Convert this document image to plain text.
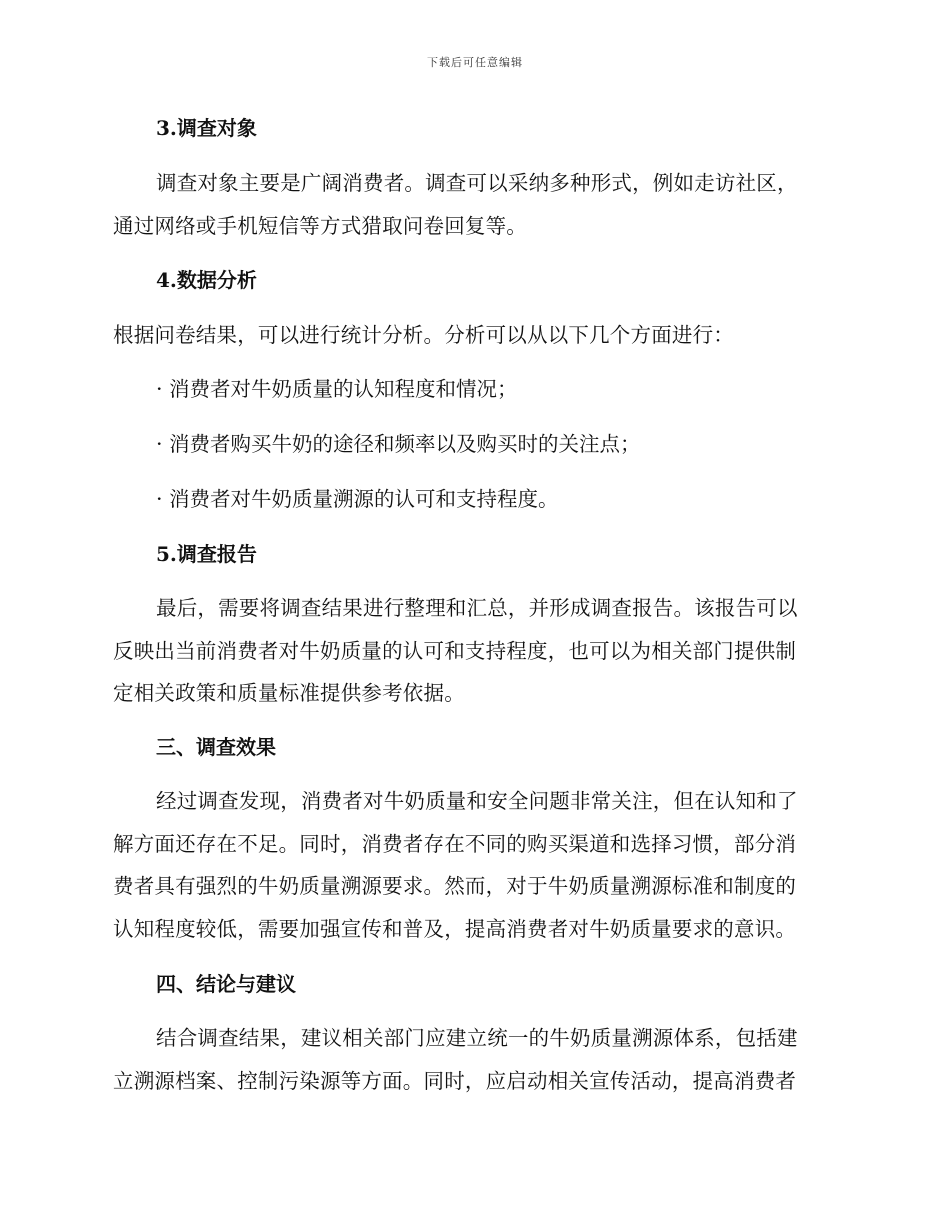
下载后可任意编辑
3.调查对象
调查对象主要是广阔消费者。调查可以采纳多种形式，例如走访社区，
通过网络或手机短信等方式猎取问卷回复等。
4.数据分析
根据问卷结果，可以进行统计分析。分析可以从以下几个方面进行：
· 消费者对牛奶质量的认知程度和情况；
· 消费者购买牛奶的途径和频率以及购买时的关注点；
· 消费者对牛奶质量溯源的认可和支持程度。
5.调查报告
最后，需要将调查结果进行整理和汇总，并形成调查报告。该报告可以
反映出当前消费者对牛奶质量的认可和支持程度，也可以为相关部门提供制
定相关政策和质量标准提供参考依据。
三、调查效果
经过调查发现，消费者对牛奶质量和安全问题非常关注，但在认知和了
解方面还存在不足。同时，消费者存在不同的购买渠道和选择习惯，部分消
费者具有强烈的牛奶质量溯源要求。然而，对于牛奶质量溯源标准和制度的
认知程度较低，需要加强宣传和普及，提高消费者对牛奶质量要求的意识。
四、结论与建议
结合调查结果，建议相关部门应建立统一的牛奶质量溯源体系，包括建
立溯源档案、控制污染源等方面。同时，应启动相关宣传活动，提高消费者
